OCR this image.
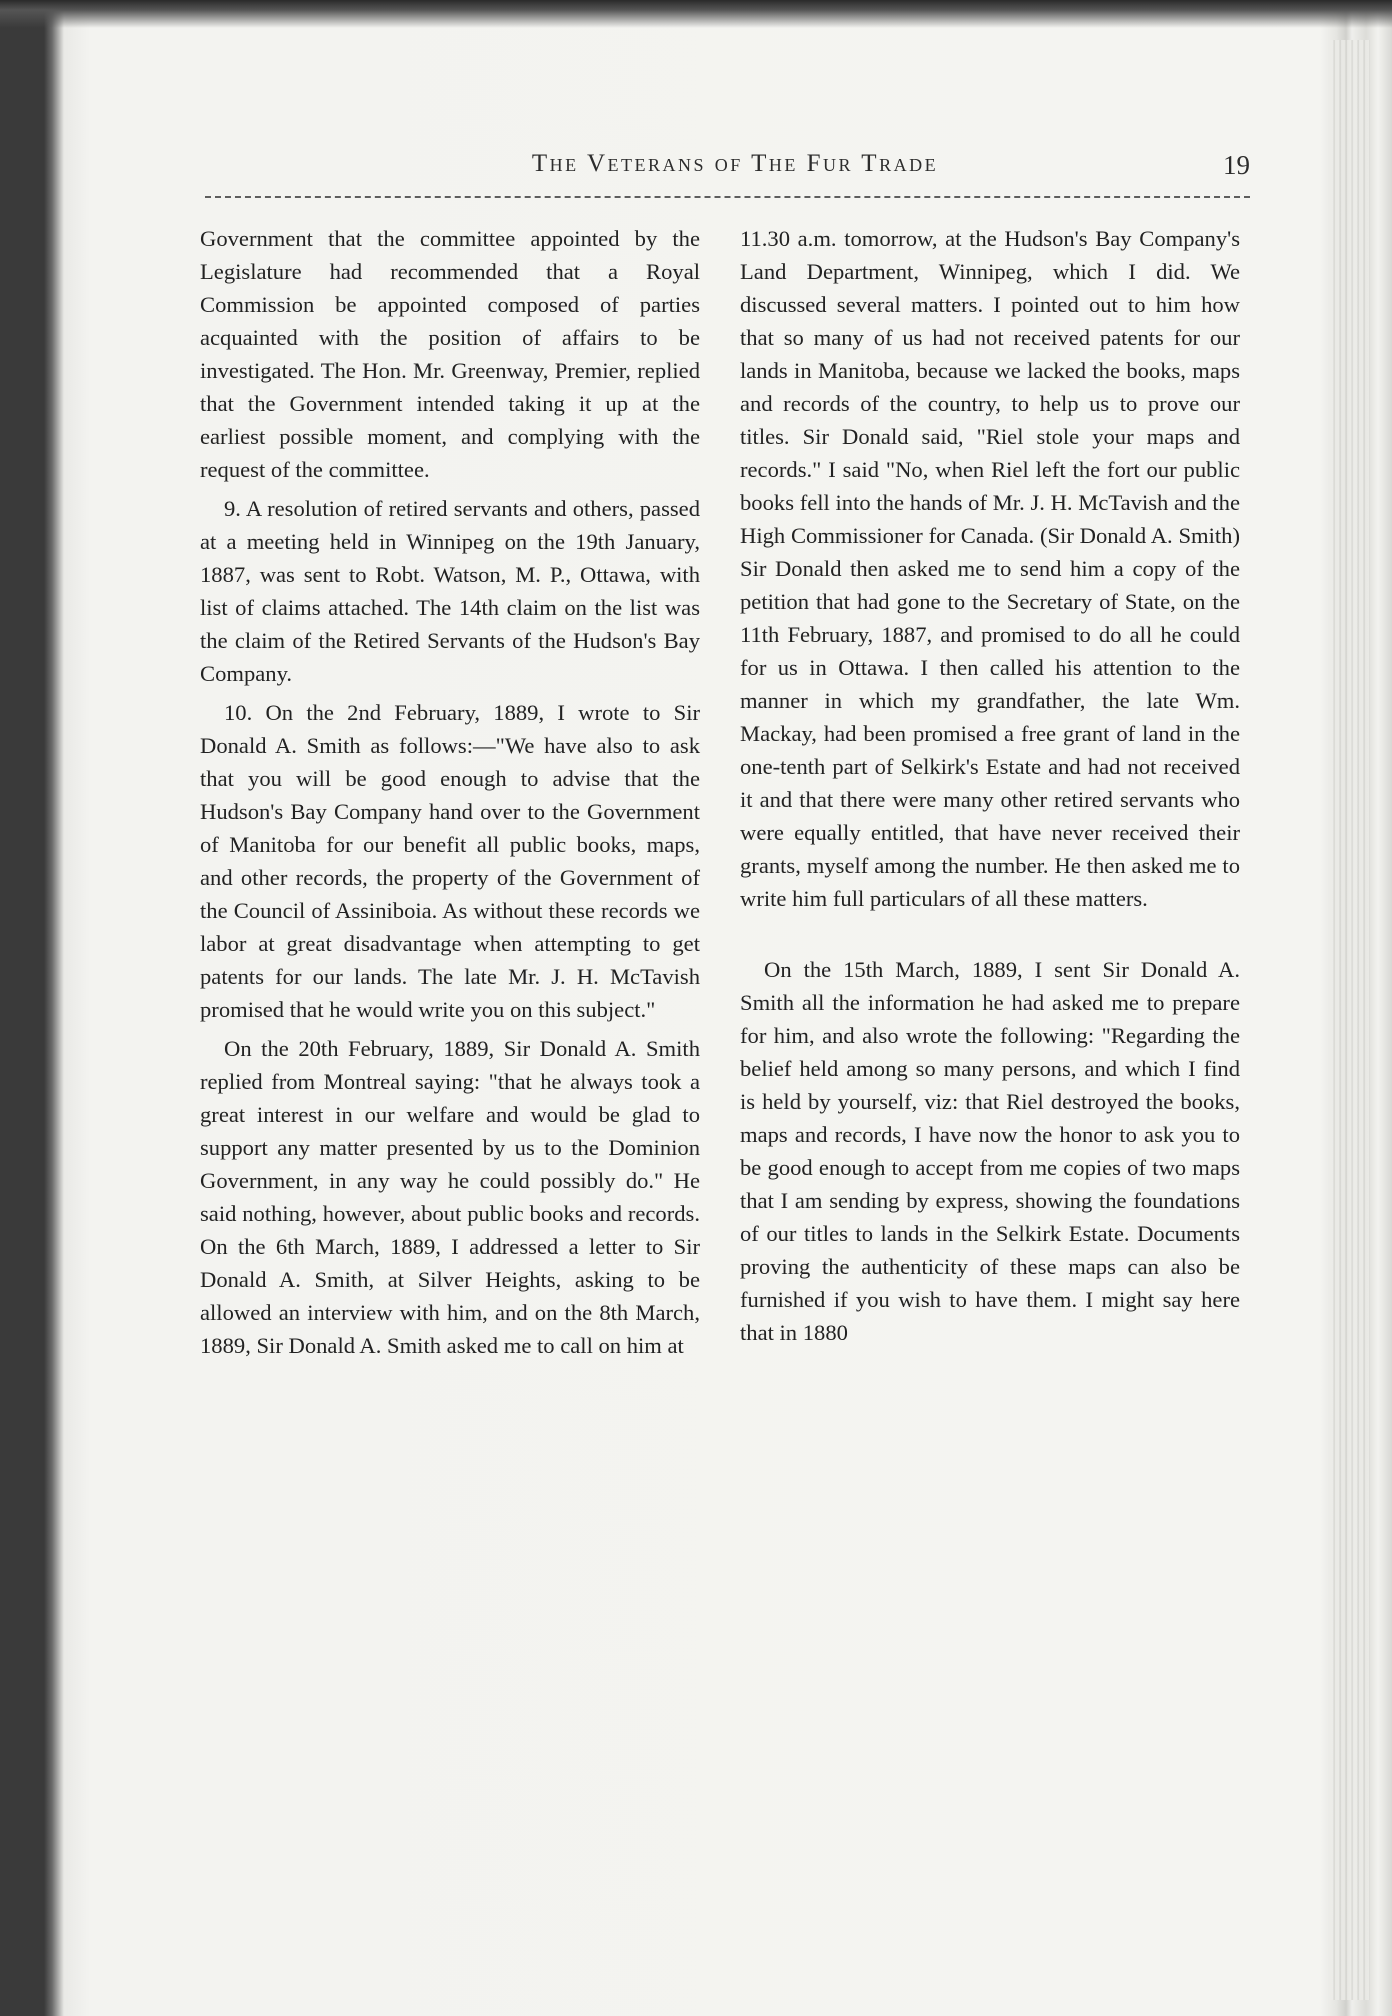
The Veterans of The Fur Trade	19

Government that the committee appointed by the Legislature had recommended that a Royal Commission be appointed composed of parties acquainted with the position of affairs to be investigated. The Hon. Mr. Greenway, Premier, replied that the Government intended taking it up at the earliest possible moment, and complying with the request of the committee.

9. A resolution of retired servants and others, passed at a meeting held in Winnipeg on the 19th January, 1887, was sent to Robt. Watson, M. P., Ottawa, with list of claims attached. The 14th claim on the list was the claim of the Retired Servants of the Hudson's Bay Company.

10. On the 2nd February, 1889, I wrote to Sir Donald A. Smith as follows:—"We have also to ask that you will be good enough to advise that the Hudson's Bay Company hand over to the Government of Manitoba for our benefit all public books, maps, and other records, the property of the Government of the Council of Assiniboia. As without these records we labor at great disadvantage when attempting to get patents for our lands. The late Mr. J. H. McTavish promised that he would write you on this subject."

On the 20th February, 1889, Sir Donald A. Smith replied from Montreal saying: "that he always took a great interest in our welfare and would be glad to support any matter presented by us to the Dominion Government, in any way he could possibly do." He said nothing, however, about public books and records. On the 6th March, 1889, I addressed a letter to Sir Donald A. Smith, at Silver Heights, asking to be allowed an interview with him, and on the 8th March, 1889, Sir Donald A. Smith asked me to call on him at

11.30 a.m. tomorrow, at the Hudson's Bay Company's Land Department, Winnipeg, which I did. We discussed several matters. I pointed out to him how that so many of us had not received patents for our lands in Manitoba, because we lacked the books, maps and records of the country, to help us to prove our titles. Sir Donald said, "Riel stole your maps and records." I said "No, when Riel left the fort our public books fell into the hands of Mr. J. H. McTavish and the High Commissioner for Canada. (Sir Donald A. Smith) Sir Donald then asked me to send him a copy of the petition that had gone to the Secretary of State, on the 11th February, 1887, and promised to do all he could for us in Ottawa. I then called his attention to the manner in which my grandfather, the late Wm. Mackay, had been promised a free grant of land in the one-tenth part of Selkirk's Estate and had not received it and that there were many other retired servants who were equally entitled, that have never received their grants, myself among the number. He then asked me to write him full particulars of all these matters.

On the 15th March, 1889, I sent Sir Donald A. Smith all the information he had asked me to prepare for him, and also wrote the following: "Regarding the belief held among so many persons, and which I find is held by yourself, viz: that Riel destroyed the books, maps and records, I have now the honor to ask you to be good enough to accept from me copies of two maps that I am sending by express, showing the foundations of our titles to lands in the Selkirk Estate. Documents proving the authenticity of these maps can also be furnished if you wish to have them. I might say here that in 1880
